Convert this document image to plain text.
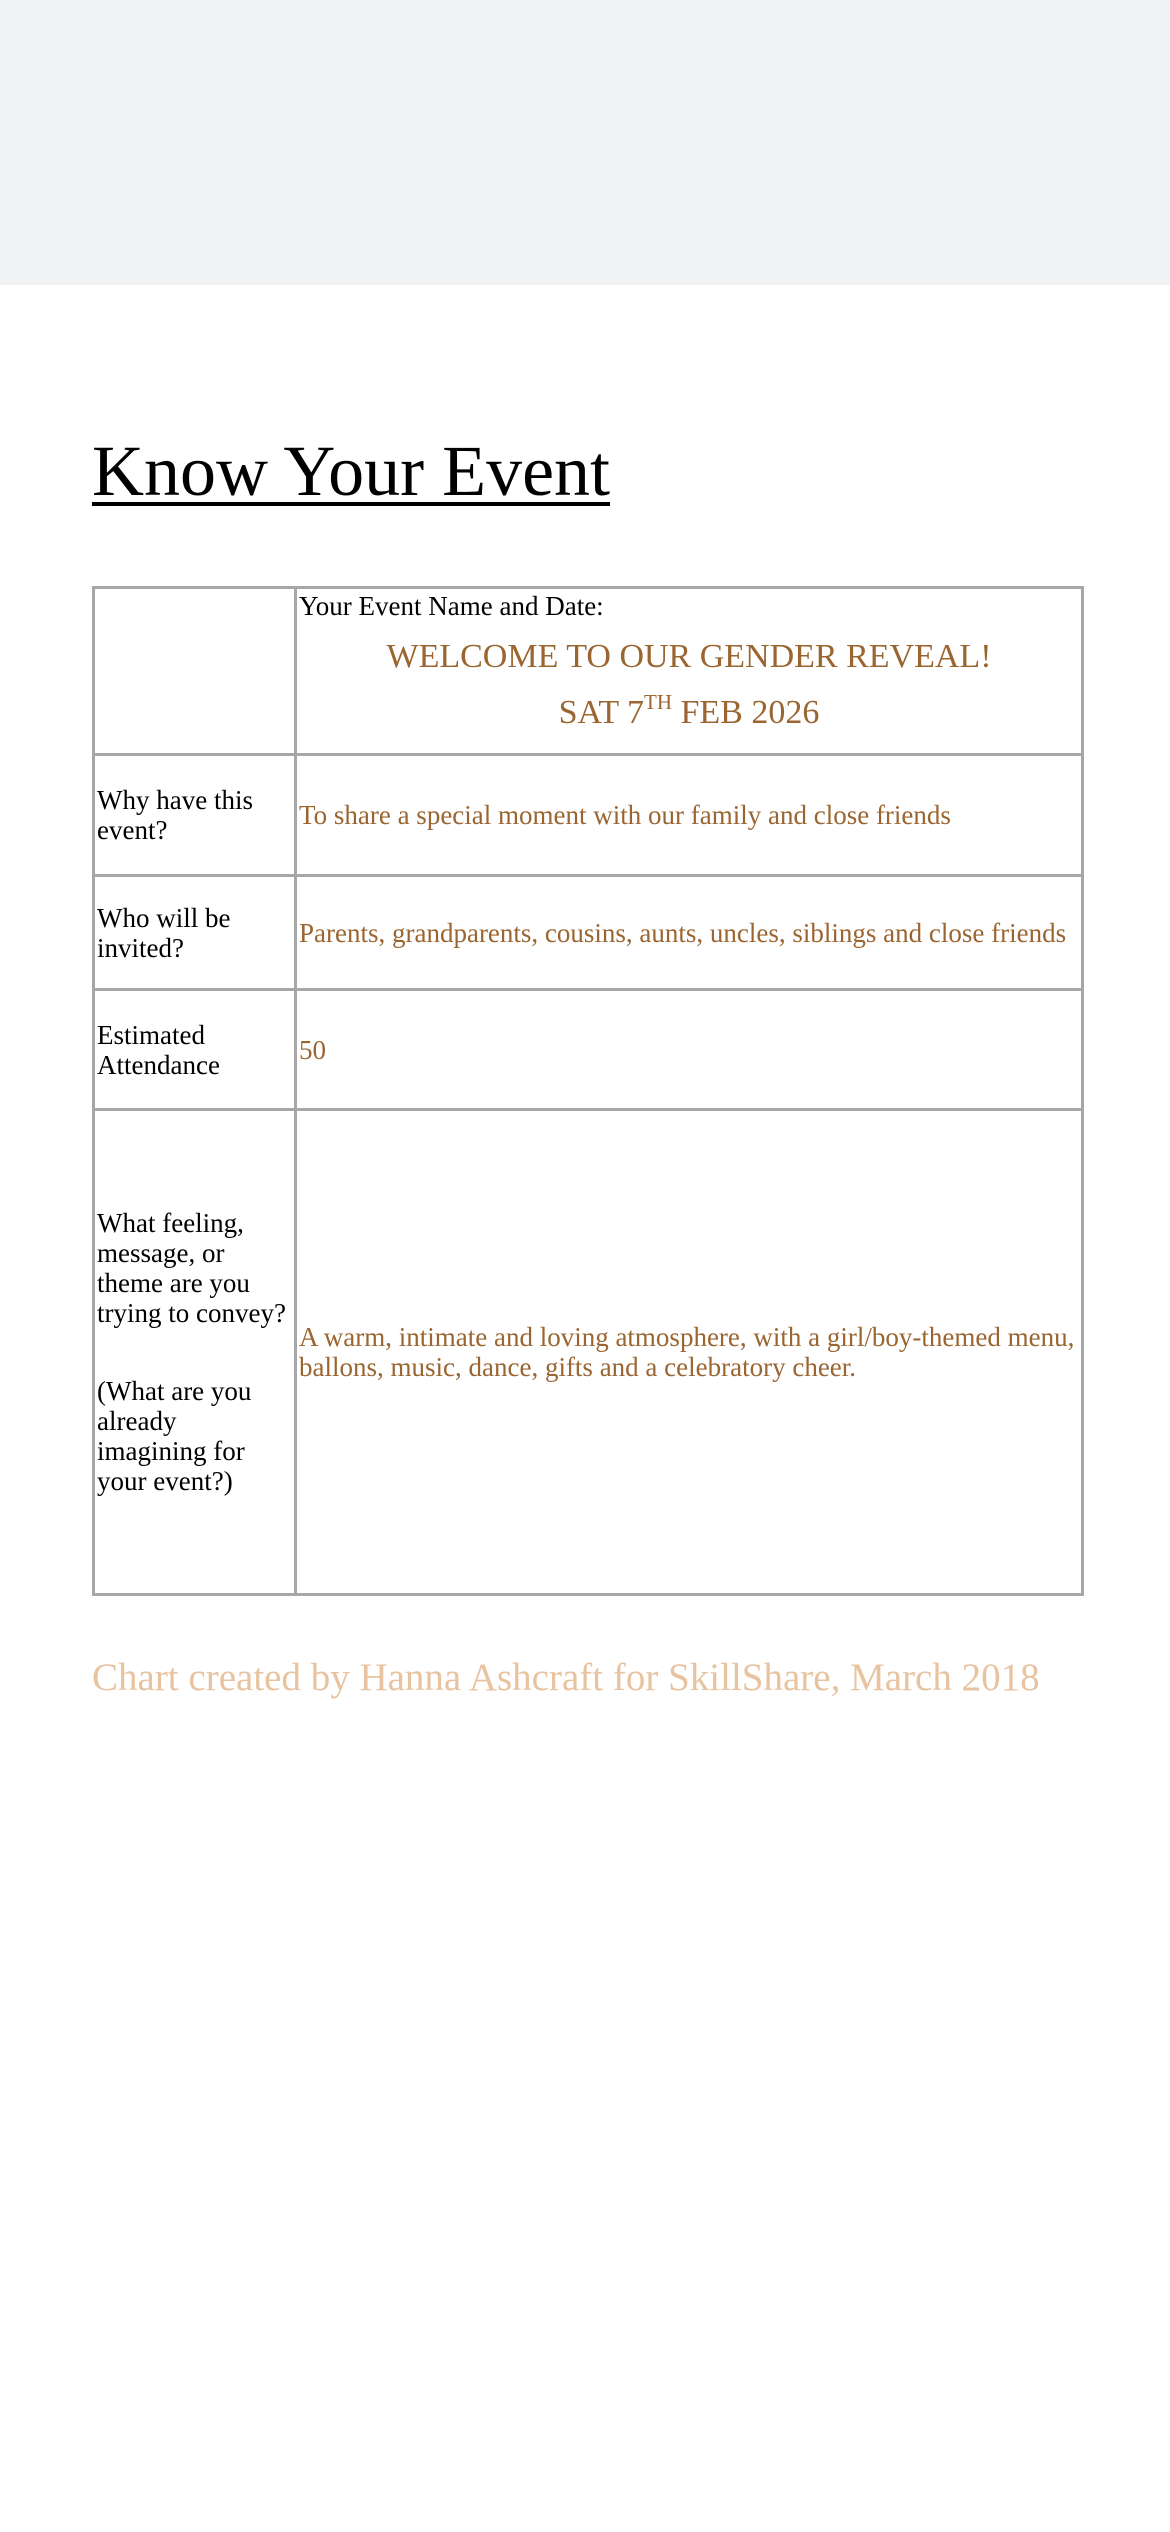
Know Your Event

	Your Event Name and Date:
WELCOME TO OUR GENDER REVEAL!
SAT 7TH FEB 2026

Why have this event?	To share a special moment with our family and close friends
Who will be invited?	Parents, grandparents, cousins, aunts, uncles, siblings and close friends
Estimated Attendance	50

What feeling, message, or theme are you trying to convey?
(What are you already imagining for your event?)	A warm, intimate and loving atmosphere, with a girl/boy-themed menu, ballons, music, dance, gifts and a celebratory cheer.

Chart created by Hanna Ashcraft for SkillShare, March 2018
